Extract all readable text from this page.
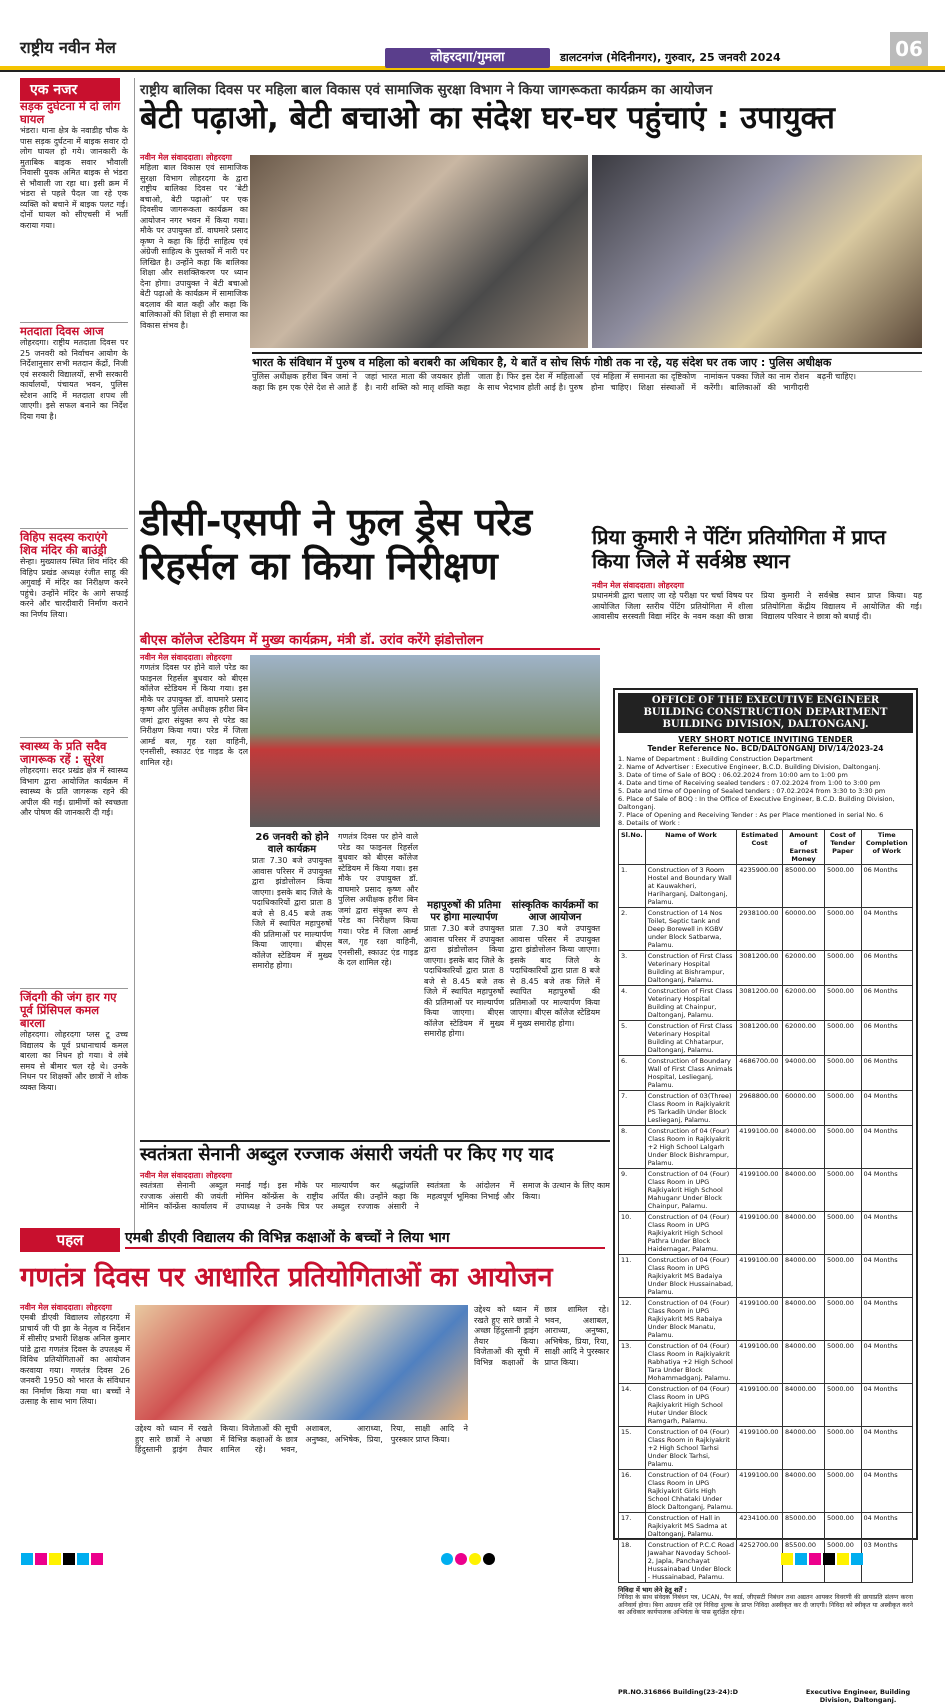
राष्ट्रीय नवीन मेल
लोहरदगा/गुमला	डालटनगंज (मेदिनीनगर), गुरुवार, 25 जनवरी 2024	06
एक नजर
सड़क दुर्घटना में दो लोग घायल
भंडरा। थाना क्षेत्र के नवाडीह चौक के पास सड़क दुर्घटना में बाइक सवार दो लोग घायल हो गये। जानकारी के मुताबिक बाइक सवार भौवाली निवासी युवक अमित बाइक से भंडरा से भौवाली जा रहा था। इसी क्रम में भंडरा से पहले पैदल जा रहे एक व्यक्ति को बचाने में बाइक पलट गई। दोनों घायल को सीएचसी में भर्ती कराया गया।
मतदाता दिवस आज
लोहरदगा। राष्ट्रीय मतदाता दिवस पर 25 जनवरी को निर्वाचन आयोग के निर्देशानुसार सभी मतदान केंद्रों, निजी एवं सरकारी विद्यालयों, सभी सरकारी कार्यालयों, पंचायत भवन, पुलिस स्टेशन आदि में मतदाता शपथ ली जाएगी। इसे सफल बनाने का निर्देश दिया गया है।
विहिप सदस्य कराएंगे शिव मंदिर की बाउंड्री
सेन्हा। मुख्यालय स्थित शिव मंदिर की विहिप प्रखंड अध्यक्ष रंजीत साहू की अगुवाई में मंदिर का निरीक्षण करने पहुंचे। उन्होंने मंदिर के आगे सफाई करने और चारदीवारी निर्माण कराने का निर्णय लिया।
स्वास्थ्य के प्रति सदैव जागरूक रहें : सुरेश
लोहरदगा। सदर प्रखंड क्षेत्र में स्वास्थ्य विभाग द्वारा आयोजित कार्यक्रम में स्वास्थ्य के प्रति जागरूक रहने की अपील की गई। ग्रामीणों को स्वच्छता और पोषण की जानकारी दी गई।
जिंदगी की जंग हार गए पूर्व प्रिंसिपल कमल बारला
लोहरदगा। लोहरदगा प्लस टू उच्च विद्यालय के पूर्व प्रधानाचार्य कमल बारला का निधन हो गया। वे लंबे समय से बीमार चल रहे थे। उनके निधन पर शिक्षकों और छात्रों ने शोक व्यक्त किया।
राष्ट्रीय बालिका दिवस पर महिला बाल विकास एवं सामाजिक सुरक्षा विभाग ने किया जागरूकता कार्यक्रम का आयोजन
बेटी पढ़ाओ, बेटी बचाओ का संदेश घर-घर पहुंचाएं : उपायुक्त
नवीन मेल संवाददाता। लोहरदगा
महिला बाल विकास एवं सामाजिक सुरक्षा विभाग लोहरदगा के द्वारा राष्ट्रीय बालिका दिवस पर ‘बेटी बचाओ, बेटी पढ़ाओ’ पर एक दिवसीय जागरूकता कार्यक्रम का आयोजन नगर भवन में किया गया। मौके पर उपायुक्त डॉ. वाघमारे प्रसाद कृष्ण ने कहा कि हिंदी साहित्य एवं अंग्रेजी साहित्य के पुस्तकों में नारी पर लिखित है। उन्होंने कहा कि बालिका शिक्षा और सशक्तिकरण पर ध्यान देना होगा। उपायुक्त ने बेटी बचाओ बेटी पढ़ाओ के कार्यक्रम में सामाजिक बदलाव की बात कही और कहा कि बालिकाओं की शिक्षा से ही समाज का विकास संभव है।
भारत के संविधान में पुरुष व महिला को बराबरी का अधिकार है, ये बातें व सोच सिर्फ गोष्ठी तक ना रहे, यह संदेश घर तक जाए : पुलिस अधीक्षक
पुलिस अधीक्षक हरीश बिन जमां ने कहा कि हम एक ऐसे देश से आते हैं जहां भारत माता की जयकार होती है। नारी शक्ति को मातृ शक्ति कहा जाता है। फिर इस देश में महिलाओं के साथ भेदभाव होती आई है। पुरुष एवं महिला में समानता का दृष्टिकोण होना चाहिए। शिक्षा संस्थाओं में नामांकन पक्का जिले का नाम रोशन करेंगी। बालिकाओं की भागीदारी बढ़नी चाहिए।
डीसी-एसपी ने फुल ड्रेस परेड रिहर्सल का किया निरीक्षण
बीएस कॉलेज स्टेडियम में मुख्य कार्यक्रम, मंत्री डॉ. उरांव करेंगे झंडोत्तोलन
नवीन मेल संवाददाता। लोहरदगा
गणतंत्र दिवस पर होने वाले परेड का फाइनल रिहर्सल बुधवार को बीएस कॉलेज स्टेडियम में किया गया। इस मौके पर उपायुक्त डॉ. वाघमारे प्रसाद कृष्ण और पुलिस अधीक्षक हरीश बिन जमां द्वारा संयुक्त रूप से परेड का निरीक्षण किया गया। परेड में जिला आर्म्ड बल, गृह रक्षा वाहिनी, एनसीसी, स्काउट एंड गाइड के दल शामिल रहे।
26 जनवरी को होने वाले कार्यक्रम
प्रातः 7.30 बजे उपायुक्त आवास परिसर में उपायुक्त द्वारा झंडोत्तोलन किया जाएगा। इसके बाद जिले के पदाधिकारियों द्वारा प्रातः 8 बजे से 8.45 बजे तक जिले में स्थापित महापुरुषों की प्रतिमाओं पर माल्यार्पण किया जाएगा। बीएस कॉलेज स्टेडियम में मुख्य समारोह होगा।
गणतंत्र दिवस पर होने वाले परेड का फाइनल रिहर्सल बुधवार को बीएस कॉलेज स्टेडियम में किया गया। इस मौके पर उपायुक्त डॉ. वाघमारे प्रसाद कृष्ण और पुलिस अधीक्षक हरीश बिन जमां द्वारा संयुक्त रूप से परेड का निरीक्षण किया गया। परेड में जिला आर्म्ड बल, गृह रक्षा वाहिनी, एनसीसी, स्काउट एंड गाइड के दल शामिल रहे।
महापुरुषों की प्रतिमा पर होगा माल्यार्पण
प्रातः 7.30 बजे उपायुक्त आवास परिसर में उपायुक्त द्वारा झंडोत्तोलन किया जाएगा। इसके बाद जिले के पदाधिकारियों द्वारा प्रातः 8 बजे से 8.45 बजे तक जिले में स्थापित महापुरुषों की प्रतिमाओं पर माल्यार्पण किया जाएगा। बीएस कॉलेज स्टेडियम में मुख्य समारोह होगा।
सांस्कृतिक कार्यक्रमों का आज आयोजन
प्रातः 7.30 बजे उपायुक्त आवास परिसर में उपायुक्त द्वारा झंडोत्तोलन किया जाएगा। इसके बाद जिले के पदाधिकारियों द्वारा प्रातः 8 बजे से 8.45 बजे तक जिले में स्थापित महापुरुषों की प्रतिमाओं पर माल्यार्पण किया जाएगा। बीएस कॉलेज स्टेडियम में मुख्य समारोह होगा।
प्रिया कुमारी ने पेंटिंग प्रतियोगिता में प्राप्त किया जिले में सर्वश्रेष्ठ स्थान
नवीन मेल संवाददाता। लोहरदगा
प्रधानमंत्री द्वारा चलाए जा रहे परीक्षा पर चर्चा विषय पर आयोजित जिला स्तरीय पेंटिंग प्रतियोगिता में शीला आवासीय सरस्वती विद्या मंदिर के नवम कक्षा की छात्रा प्रिया कुमारी ने सर्वश्रेष्ठ स्थान प्राप्त किया। यह प्रतियोगिता केंद्रीय विद्यालय में आयोजित की गई। विद्यालय परिवार ने छात्रा को बधाई दी।
OFFICE OF THE EXECUTIVE ENGINEER
BUILDING CONSTRUCTION DEPARTMENT
BUILDING DIVISION, DALTONGANJ.
VERY SHORT NOTICE INVITING TENDER
Tender Reference No. BCD/DALTONGANJ DIV/14/2023-24
1. Name of Department : Building Construction Department
2. Name of Advertiser : Executive Engineer, B.C.D. Building Division, Daltonganj.
3. Date of time of Sale of BOQ : 06.02.2024 from 10:00 am to 1:00 pm
4. Date and time of Receiving sealed tenders : 07.02.2024 from 1:00 to 3:00 pm
5. Date and time of Opening of Sealed tenders : 07.02.2024 from 3:30 to 3:30 pm
6. Place of Sale of BOQ : In the Office of Executive Engineer, B.C.D. Building Division, Daltonganj.
7. Place of Opening and Receiving Tender : As per Place mentioned in serial No. 6
8. Details of Work :
Sl.No.	Name of Work	Estimated Cost	Amount of Earnest Money	Cost of Tender Paper	Time Completion of Work
1.	Construction of 3 Room Hostel and Boundary Wall at Kauwakheri, Hariharganj, Daltonganj, Palamu.	4235900.00	85000.00	5000.00	06 Months
2.	Construction of 14 Nos Toilet, Septic tank and Deep Borewell in KGBV under Block Satbarwa, Palamu.	2938100.00	60000.00	5000.00	04 Months
3.	Construction of First Class Veterinary Hospital Building at Bishrampur, Daltonganj, Palamu.	3081200.00	62000.00	5000.00	06 Months
4.	Construction of First Class Veterinary Hospital Building at Chainpur, Daltonganj, Palamu.	3081200.00	62000.00	5000.00	06 Months
5.	Construction of First Class Veterinary Hospital Building at Chhatarpur, Daltonganj, Palamu.	3081200.00	62000.00	5000.00	06 Months
6.	Construction of Boundary Wall of First Class Animals Hospital, Leslieganj, Palamu.	4686700.00	94000.00	5000.00	06 Months
7.	Construction of 03(Three) Class Room in Rajkiyakrit PS Tarkadih Under Block Leslieganj, Palamu.	2968800.00	60000.00	5000.00	04 Months
8.	Construction of 04 (Four) Class Room in Rajkiyakrit +2 High School Lalgarh Under Block Bishrampur, Palamu.	4199100.00	84000.00	5000.00	04 Months
9.	Construction of 04 (Four) Class Room in UPG Rajkiyakrit High School Mahuganr Under Block Chainpur, Palamu.	4199100.00	84000.00	5000.00	04 Months
10.	Construction of 04 (Four) Class Room in UPG Rajkiyakrit High School Pathra Under Block Haidernagar, Palamu.	4199100.00	84000.00	5000.00	04 Months
11.	Construction of 04 (Four) Class Room in UPG Rajkiyakrit MS Badaiya Under Block Hussainabad, Palamu.	4199100.00	84000.00	5000.00	04 Months
12.	Construction of 04 (Four) Class Room in UPG Rajkiyakrit MS Rabaiya Under Block Manatu, Palamu.	4199100.00	84000.00	5000.00	04 Months
13.	Construction of 04 (Four) Class Room in Rajkiyakrit Rabhatiya +2 High School Tara Under Block Mohammadganj, Palamu.	4199100.00	84000.00	5000.00	04 Months
14.	Construction of 04 (Four) Class Room in UPG Rajkiyakrit High School Huter Under Block Ramgarh, Palamu.	4199100.00	84000.00	5000.00	04 Months
15.	Construction of 04 (Four) Class Room in Rajkiyakrit +2 High School Tarhsi Under Block Tarhsi, Palamu.	4199100.00	84000.00	5000.00	04 Months
16.	Construction of 04 (Four) Class Room in UPG Rajkiyakrit Girls High School Chhataki Under Block Daltonganj, Palamu.	4199100.00	84000.00	5000.00	04 Months
17.	Construction of Hall in Rajkiyakrit MS Sadma at Daltonganj, Palamu.	4234100.00	85000.00	5000.00	04 Months
18.	Construction of P.C.C Road Jawahar Navoday School-2, Japla, Panchayat Hussainabad Under Block - Hussainabad, Palamu.	4252700.00	85500.00	5000.00	03 Months
निविदा में भाग लेने हेतु शर्तें :
निविदा के साथ संवेदक निबंधन पत्र, UCAN, पैन कार्ड, जीएसटी निबंधन तथा अद्यतन आयकर विवरणी की छायाप्रति संलग्न करना अनिवार्य होगा। बिना अग्रधन राशि एवं निविदा शुल्क के प्राप्त निविदा अस्वीकृत कर दी जाएगी। निविदा को स्वीकृत या अस्वीकृत करने का अधिकार कार्यपालक अभियंता के पास सुरक्षित रहेगा।
PR.NO.316866 Building(23-24):D	Executive Engineer, Building Division, Daltonganj.
स्वतंत्रता सेनानी अब्दुल रज्जाक अंसारी जयंती पर किए गए याद
नवीन मेल संवाददाता। लोहरदगा
स्वतंत्रता सेनानी अब्दुल रज्जाक अंसारी की जयंती मोमिन कॉन्फ्रेंस कार्यालय में मनाई गई। इस मौके पर मोमिन कॉन्फ्रेंस के राष्ट्रीय उपाध्यक्ष ने उनके चित्र पर माल्यार्पण कर श्रद्धांजलि अर्पित की। उन्होंने कहा कि अब्दुल रज्जाक अंसारी ने स्वतंत्रता के आंदोलन में महत्वपूर्ण भूमिका निभाई और समाज के उत्थान के लिए काम किया।
पहल	एमबी डीएवी विद्यालय की विभिन्न कक्षाओं के बच्चों ने लिया भाग
गणतंत्र दिवस पर आधारित प्रतियोगिताओं का आयोजन
नवीन मेल संवाददाता। लोहरदगा
एमबी डीएवी विद्यालय लोहरदगा में प्राचार्य जी पी झा के नेतृत्व व निर्देशन में सीसीए प्रभारी शिक्षक अनिल कुमार पांडे द्वारा गणतंत्र दिवस के उपलक्ष्य में विविध प्रतियोगिताओं का आयोजन करवाया गया। गणतंत्र दिवस 26 जनवरी 1950 को भारत के संविधान का निर्माण किया गया था। बच्चों ने उत्साह के साथ भाग लिया।
उद्देश्य को ध्यान में रखते हुए सारे छात्रों ने अच्छा हिंदुस्तानी ड्राइंग तैयार किया। विजेताओं की सूची में विभिन्न कक्षाओं के छात्र शामिल रहे। भवन, अशाबल, आराध्या, अनुष्का, अभिषेक, प्रिया, रिया, साक्षी आदि ने पुरस्कार प्राप्त किया।
उद्देश्य को ध्यान में रखते हुए सारे छात्रों ने अच्छा हिंदुस्तानी ड्राइंग तैयार किया। विजेताओं की सूची में विभिन्न कक्षाओं के छात्र शामिल रहे। भवन, अशाबल, आराध्या, अनुष्का, अभिषेक, प्रिया, रिया, साक्षी आदि ने पुरस्कार प्राप्त किया।
